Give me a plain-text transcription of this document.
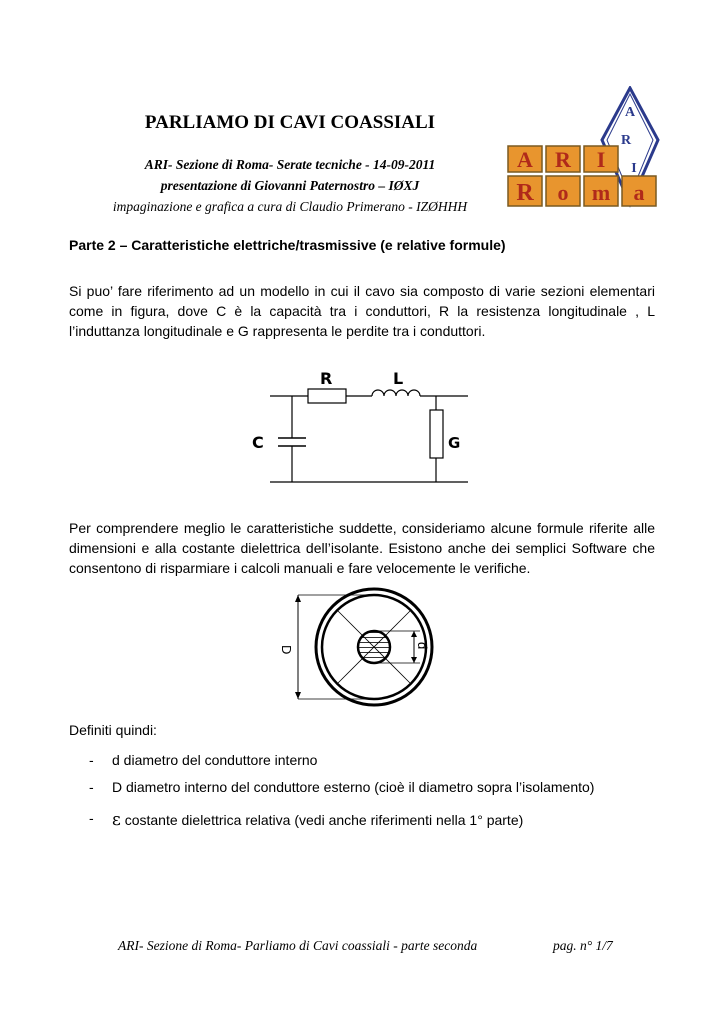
PARLIAMO DI CAVI COASSIALI
ARI- Sezione di Roma- Serate tecniche - 14-09-2011
presentazione di Giovanni Paternostro – IØXJ
impaginazione e grafica a cura di Claudio Primerano - IZØHHH
A
R
I
A R I
R o m a
Parte 2 – Caratteristiche elettriche/trasmissive (e relative formule)
Si puo’ fare riferimento ad un modello in cui il cavo sia composto di varie sezioni elementari come in figura, dove C è la capacità tra i conduttori, R la resistenza longitudinale , L l’induttanza longitudinale e G rappresenta le perdite tra i conduttori.
R	L
C	G
Per comprendere meglio le caratteristiche suddette, consideriamo alcune formule riferite alle dimensioni e alla costante dielettrica dell’isolante. Esistono anche dei semplici Software che consentono di risparmiare i calcoli manuali e fare velocemente le verifiche.
D	d
Definiti quindi:
- d diametro del conduttore interno
- D diametro interno del conduttore esterno (cioè il diametro sopra l’isolamento)
- ε costante dielettrica relativa (vedi anche riferimenti nella 1° parte)
ARI- Sezione di Roma- Parliamo di Cavi coassiali - parte seconda	pag. n° 1/7
